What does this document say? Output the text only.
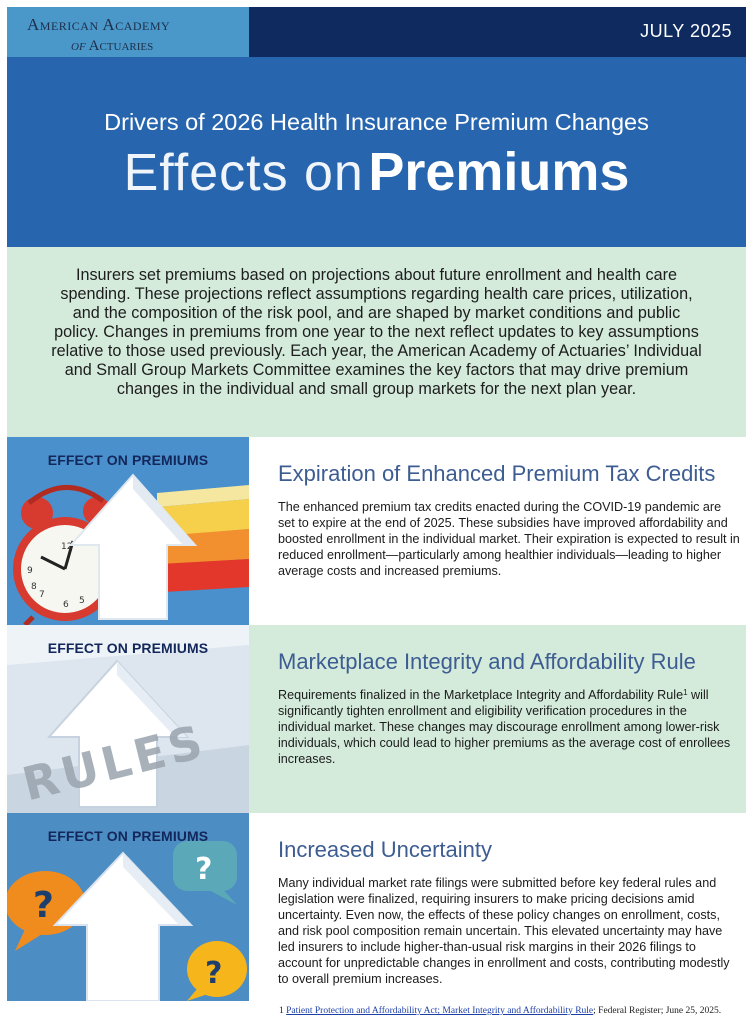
American Academy
of Actuaries
JULY 2025
Drivers of 2026 Health Insurance Premium Changes
Effects on Premiums
Insurers set premiums based on projections about future enrollment and health care spending. These projections reflect assumptions regarding health care prices, utilization, and the composition of the risk pool, and are shaped by market conditions and public policy. Changes in premiums from one year to the next reflect updates to key assumptions relative to those used previously. Each year, the American Academy of Actuaries’ Individual and Small Group Markets Committee examines the key factors that may drive premium changes in the individual and small group markets for the next plan year.
12
9
6
7
8
5
EFFECT ON PREMIUMS
Expiration of Enhanced Premium Tax Credits
The enhanced premium tax credits enacted during the COVID-19 pandemic are set to expire at the end of 2025. These subsidies have improved affordability and boosted enrollment in the individual market. Their expiration is expected to result in reduced enrollment—particularly among healthier individuals—leading to higher average costs and increased premiums.
RULES
EFFECT ON PREMIUMS
Marketplace Integrity and Affordability Rule
Requirements finalized in the Marketplace Integrity and Affordability Rule$^1$ will significantly tighten enrollment and eligibility verification procedures in the individual market. These changes may discourage enrollment among lower-risk individuals, which could lead to higher premiums as the average cost of enrollees increases.
?
?
?
EFFECT ON PREMIUMS
Increased Uncertainty
Many individual market rate filings were submitted before key federal rules and legislation were finalized, requiring insurers to make pricing decisions amid uncertainty. Even now, the effects of these policy changes on enrollment, costs, and risk pool composition remain uncertain. This elevated uncertainty may have led insurers to include higher-than-usual risk margins in their 2026 filings to account for unpredictable changes in enrollment and costs, contributing modestly to overall premium increases.
1 Patient Protection and Affordability Act; Market Integrity and Affordability Rule; Federal Register; June 25, 2025.
